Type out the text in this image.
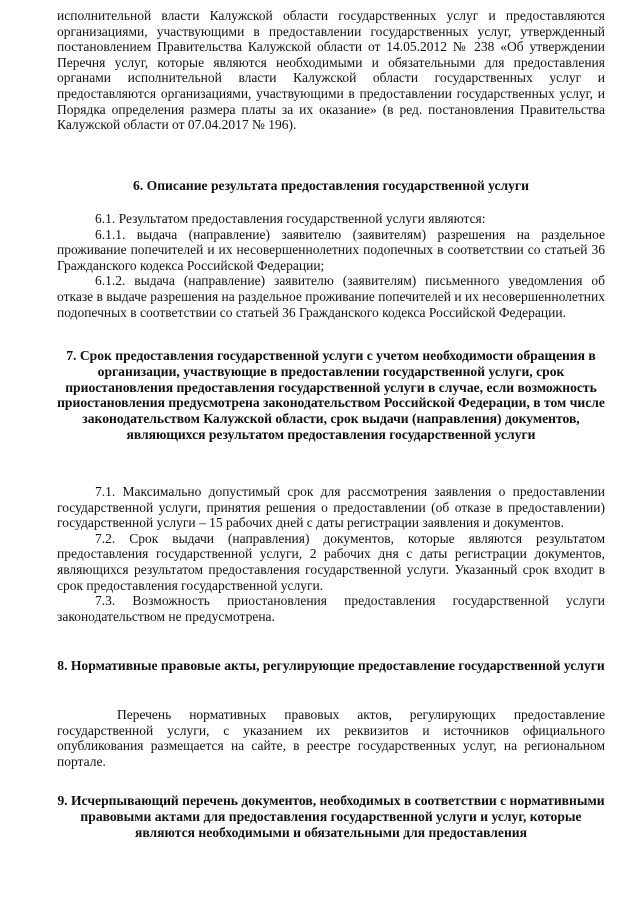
исполнительной власти Калужской области государственных услуг и предоставляются организациями, участвующими в предоставлении государственных услуг, утвержденный постановлением Правительства Калужской области от 14.05.2012 № 238 «Об утверждении Перечня услуг, которые являются необходимыми и обязательными для предоставления органами исполнительной власти Калужской области государственных услуг и предоставляются организациями, участвующими в предоставлении государственных услуг, и Порядка определения размера платы за их оказание» (в ред. постановления Правительства Калужской области от 07.04.2017 № 196).

6. Описание результата предоставления государственной услуги

6.1. Результатом предоставления государственной услуги являются:

6.1.1. выдача (направление) заявителю (заявителям) разрешения на раздельное проживание попечителей и их несовершеннолетних подопечных в соответствии со статьей 36 Гражданского кодекса Российской Федерации;

6.1.2. выдача (направление) заявителю (заявителям) письменного уведомления об отказе в выдаче разрешения на раздельное проживание попечителей и их несовершеннолетних подопечных в соответствии со статьей 36 Гражданского кодекса Российской Федерации.

7. Срок предоставления государственной услуги с учетом необходимости обращения в организации, участвующие в предоставлении государственной услуги, срок приостановления предоставления государственной услуги в случае, если возможность приостановления предусмотрена законодательством Российской Федерации, в том числе законодательством Калужской области, срок выдачи (направления) документов, являющихся результатом предоставления государственной услуги

7.1. Максимально допустимый срок для рассмотрения заявления о предоставлении государственной услуги, принятия решения о предоставлении (об отказе в предоставлении) государственной услуги – 15 рабочих дней с даты регистрации заявления и документов.

7.2. Срок выдачи (направления) документов, которые являются результатом предоставления государственной услуги, 2 рабочих дня с даты регистрации документов, являющихся результатом предоставления государственной услуги. Указанный срок входит в срок предоставления государственной услуги.

7.3. Возможность приостановления предоставления государственной услуги законодательством не предусмотрена.

8. Нормативные правовые акты, регулирующие предоставление государственной услуги

Перечень нормативных правовых актов, регулирующих предоставление государственной услуги, с указанием их реквизитов и источников официального опубликования размещается на сайте, в реестре государственных услуг, на региональном портале.

9. Исчерпывающий перечень документов, необходимых в соответствии с нормативными правовыми актами для предоставления государственной услуги и услуг, которые являются необходимыми и обязательными для предоставления
